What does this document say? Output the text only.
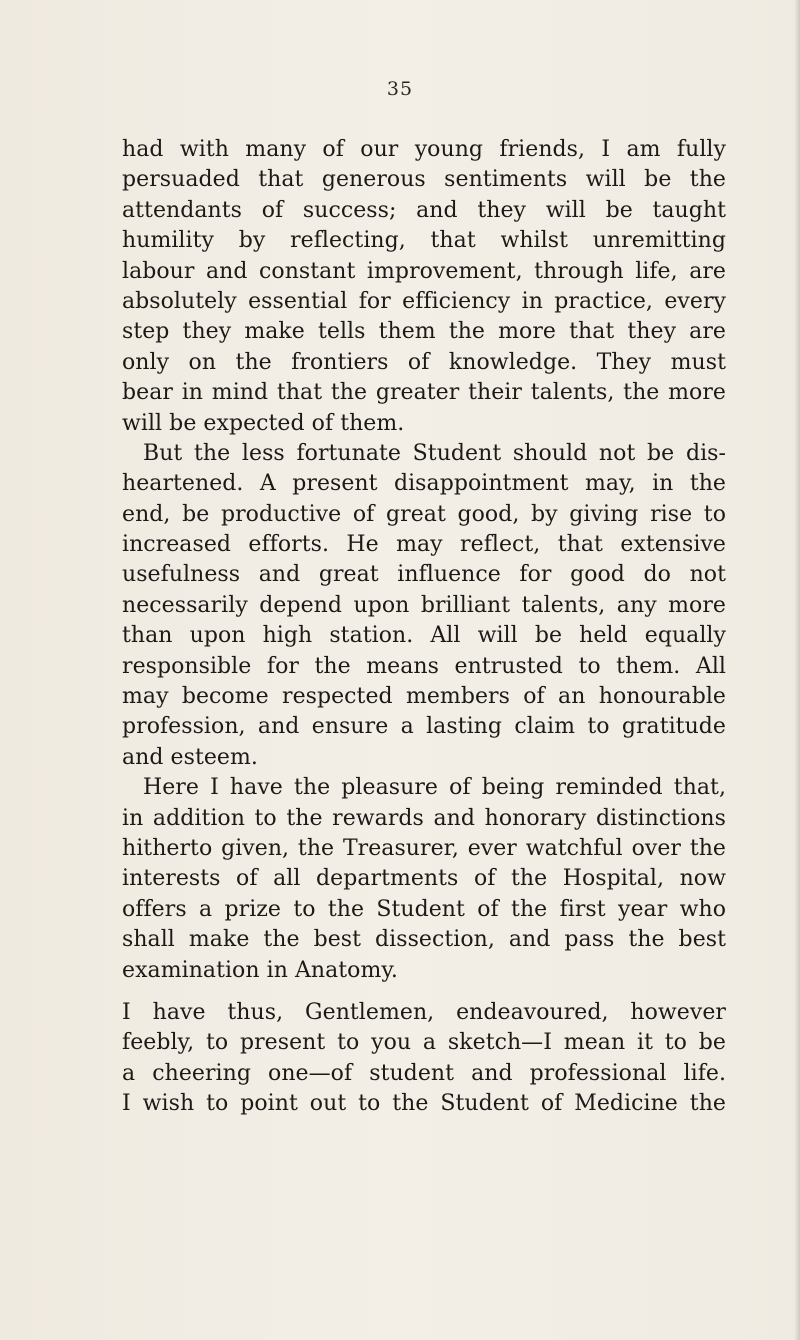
35
had with many of our young friends, I am fully
persuaded that generous sentiments will be the
attendants of success; and they will be taught
humility by reflecting, that whilst unremitting
labour and constant improvement, through life, are
absolutely essential for efficiency in practice, every
step they make tells them the more that they are
only on the frontiers of knowledge. They must
bear in mind that the greater their talents, the more
will be expected of them.
But the less fortunate Student should not be dis-
heartened. A present disappointment may, in the
end, be productive of great good, by giving rise to
increased efforts. He may reflect, that extensive
usefulness and great influence for good do not
necessarily depend upon brilliant talents, any more
than upon high station. All will be held equally
responsible for the means entrusted to them. All
may become respected members of an honourable
profession, and ensure a lasting claim to gratitude
and esteem.
Here I have the pleasure of being reminded that,
in addition to the rewards and honorary distinctions
hitherto given, the Treasurer, ever watchful over the
interests of all departments of the Hospital, now
offers a prize to the Student of the first year who
shall make the best dissection, and pass the best
examination in Anatomy.
I have thus, Gentlemen, endeavoured, however
feebly, to present to you a sketch—I mean it to be
a cheering one—of student and professional life.
I wish to point out to the Student of Medicine the
